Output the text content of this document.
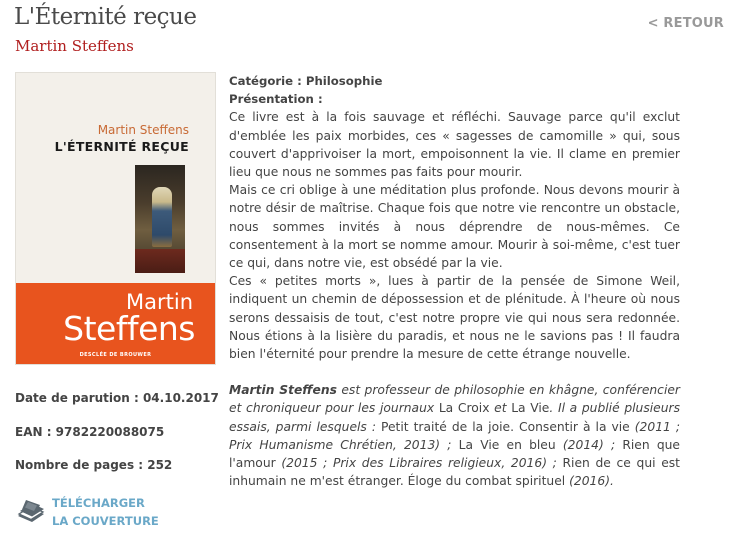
L'Éternité reçue
Martin Steffens
< RETOUR
Martin Steffens
L'ÉTERNITÉ REÇUE
Martin
Steffens
DESCLÉE DE BROUWER
Date de parution : 04.10.2017
EAN : 9782220088075
Nombre de pages : 252
TÉLÉCHARGER
LA COUVERTURE

Catégorie : Philosophie

Présentation :

Ce livre est à la fois sauvage et réfléchi. Sauvage parce qu'il exclut d'emblée les paix morbides, ces « sagesses de camomille » qui, sous couvert d'apprivoiser la mort, empoisonnent la vie. Il clame en premier lieu que nous ne sommes pas faits pour mourir.

Mais ce cri oblige à une méditation plus profonde. Nous devons mourir à notre désir de maîtrise. Chaque fois que notre vie rencontre un obstacle, nous sommes invités à nous déprendre de nous-mêmes. Ce consentement à la mort se nomme amour. Mourir à soi-même, c'est tuer ce qui, dans notre vie, est obsédé par la vie.

Ces « petites morts », lues à partir de la pensée de Simone Weil, indiquent un chemin de dépossession et de plénitude. À l'heure où nous serons dessaisis de tout, c'est notre propre vie qui nous sera redonnée. Nous étions à la lisière du paradis, et nous ne le savions pas ! Il faudra bien l'éternité pour prendre la mesure de cette étrange nouvelle.

Martin Steffens est professeur de philosophie en khâgne, conférencier et chroniqueur pour les journaux La Croix et La Vie. Il a publié plusieurs essais, parmi lesquels : Petit traité de la joie. Consentir à la vie (2011 ; Prix Humanisme Chrétien, 2013) ; La Vie en bleu (2014) ; Rien que l'amour (2015 ; Prix des Libraires religieux, 2016) ; Rien de ce qui est inhumain ne m'est étranger. Éloge du combat spirituel (2016).
